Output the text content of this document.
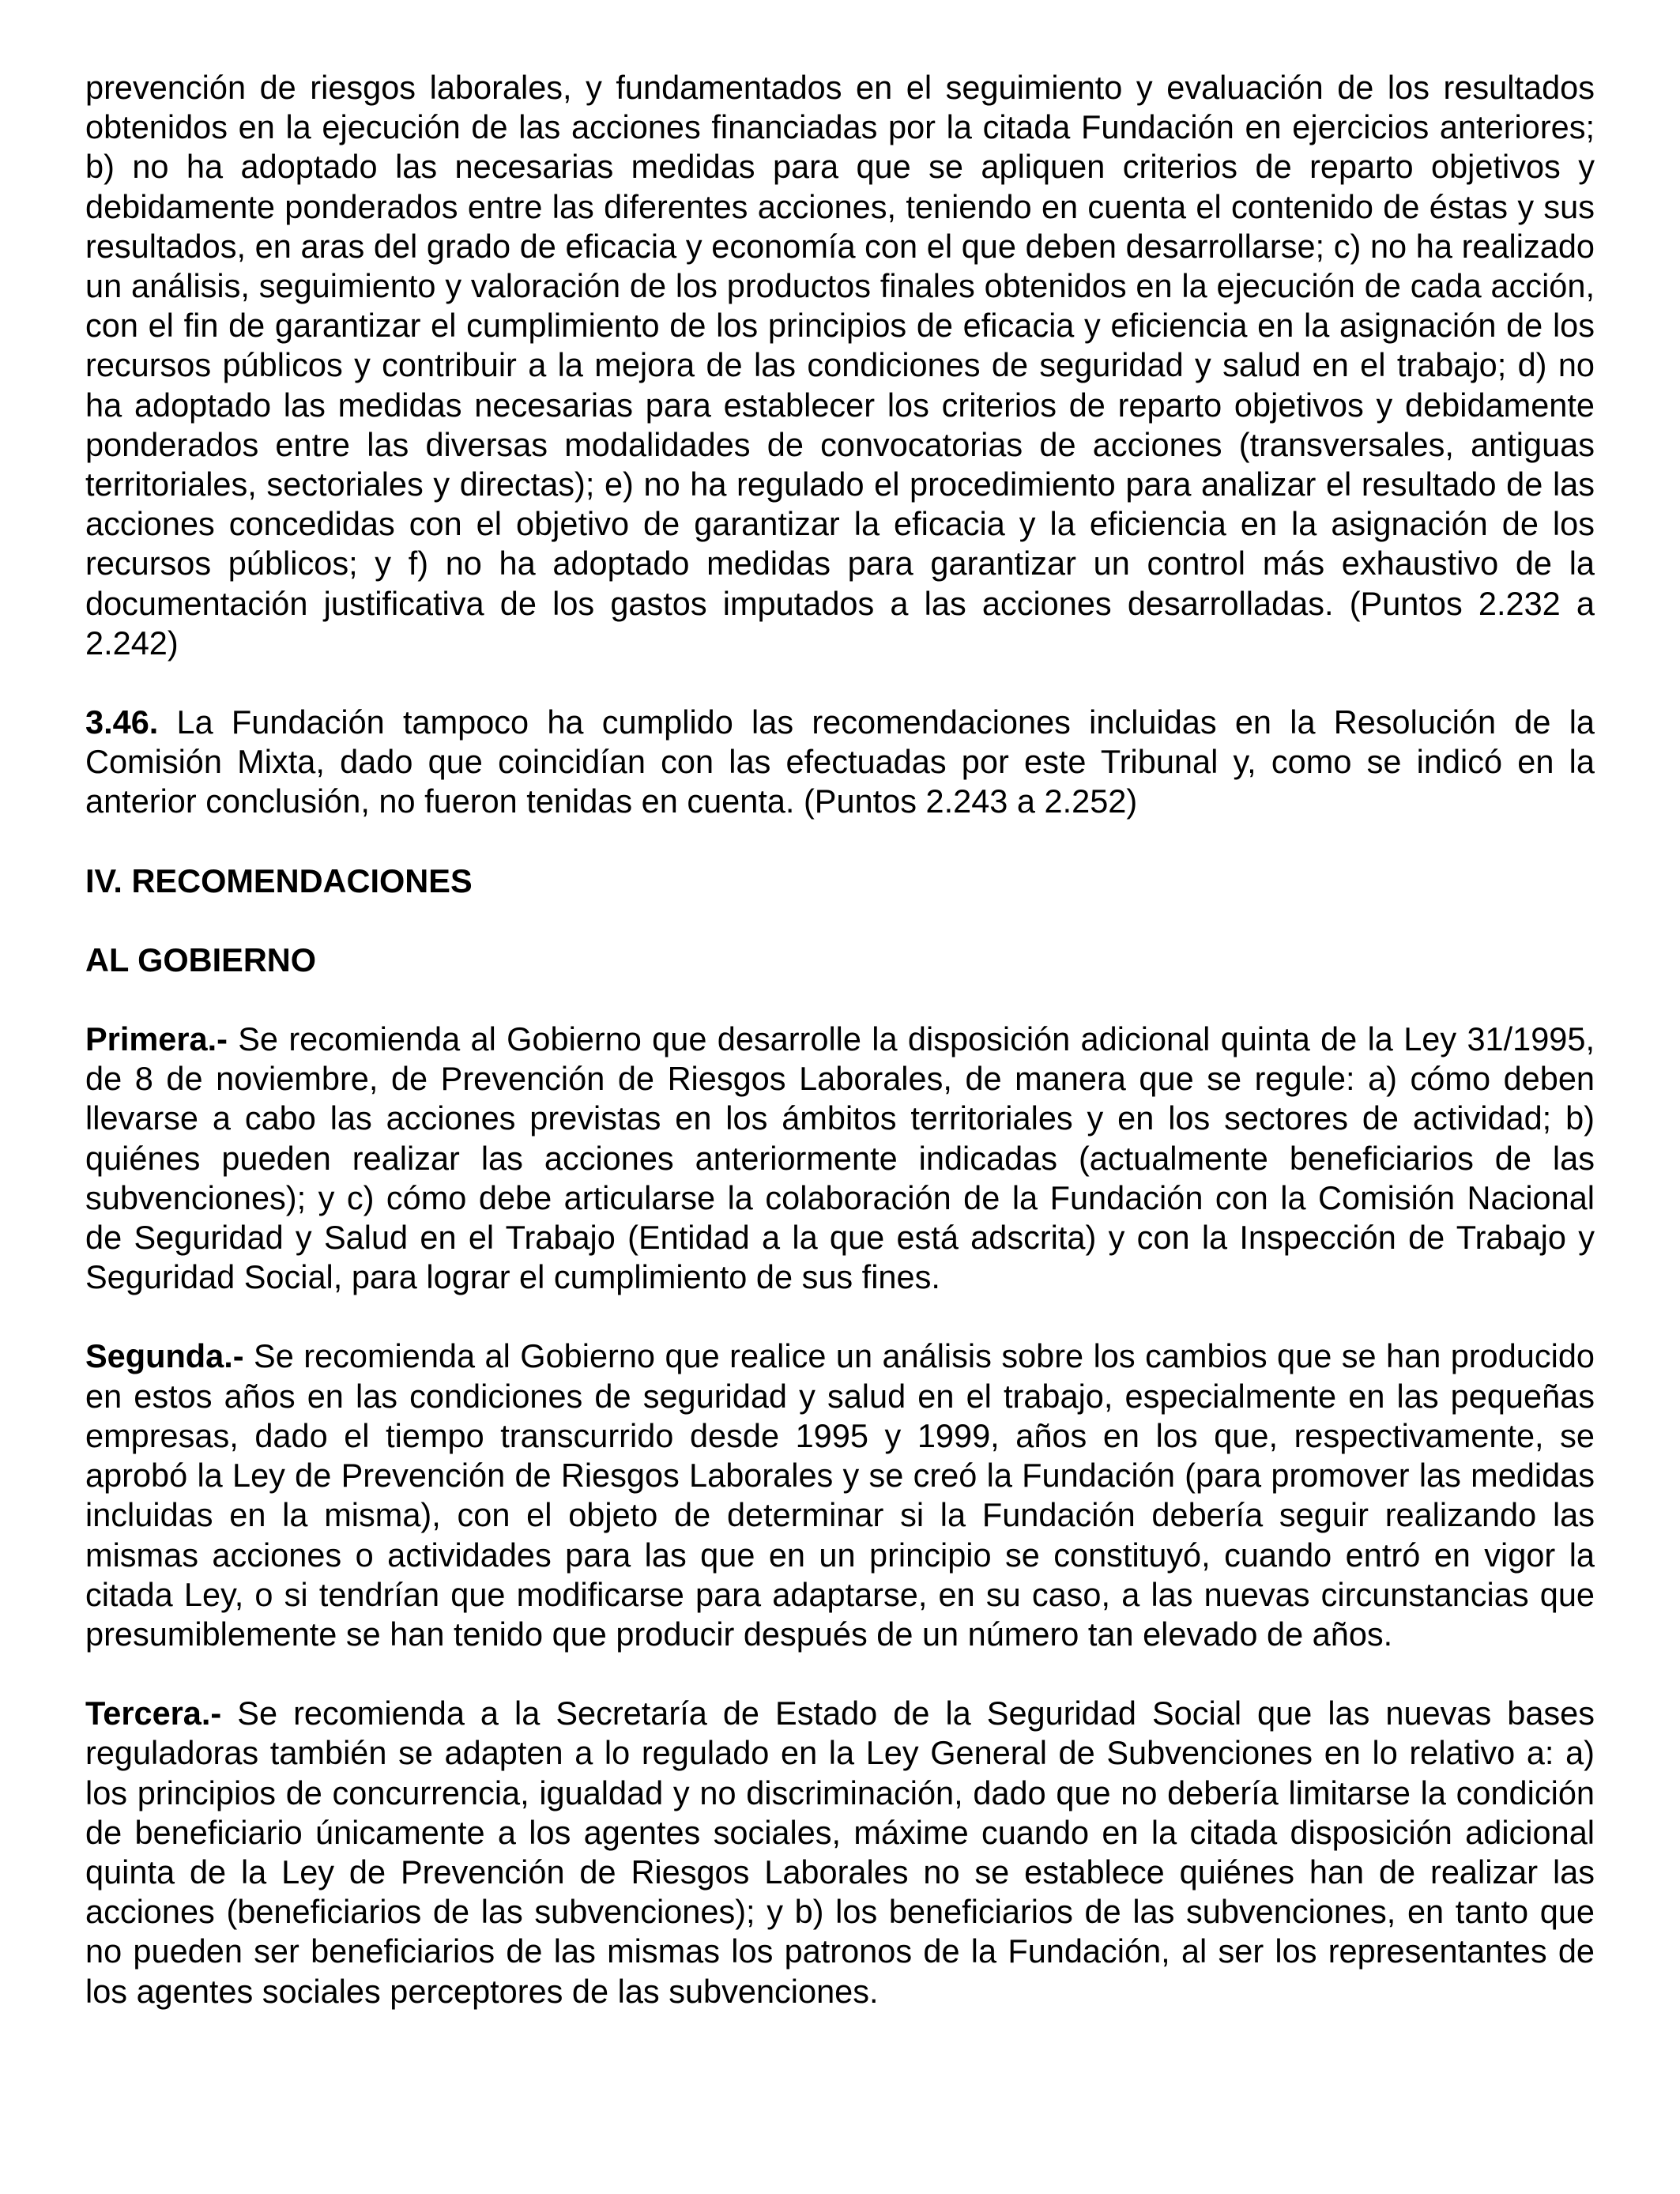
prevención de riesgos laborales, y fundamentados en el seguimiento y evaluación de los resultados obtenidos en la ejecución de las acciones financiadas por la citada Fundación en ejercicios anteriores; b) no ha adoptado las necesarias medidas para que se apliquen criterios de reparto objetivos y debidamente ponderados entre las diferentes acciones, teniendo en cuenta el contenido de éstas y sus resultados, en aras del grado de eficacia y economía con el que deben desarrollarse; c) no ha realizado un análisis, seguimiento y valoración de los productos finales obtenidos en la ejecución de cada acción, con el fin de garantizar el cumplimiento de los principios de eficacia y eficiencia en la asignación de los recursos públicos y contribuir a la mejora de las condiciones de seguridad y salud en el trabajo; d) no ha adoptado las medidas necesarias para establecer los criterios de reparto objetivos y debidamente ponderados entre las diversas modalidades de convocatorias de acciones (transversales, antiguas territoriales, sectoriales y directas); e) no ha regulado el procedimiento para analizar el resultado de las acciones concedidas con el objetivo de garantizar la eficacia y la eficiencia en la asignación de los recursos públicos; y f) no ha adoptado medidas para garantizar un control más exhaustivo de la documentación justificativa de los gastos imputados a las acciones desarrolladas. (Puntos 2.232 a 2.242)

3.46. La Fundación tampoco ha cumplido las recomendaciones incluidas en la Resolución de la Comisión Mixta, dado que coincidían con las efectuadas por este Tribunal y, como se indicó en la anterior conclusión, no fueron tenidas en cuenta. (Puntos 2.243 a 2.252)

IV. RECOMENDACIONES
AL GOBIERNO

Primera.- Se recomienda al Gobierno que desarrolle la disposición adicional quinta de la Ley 31/1995, de 8 de noviembre, de Prevención de Riesgos Laborales, de manera que se regule: a) cómo deben llevarse a cabo las acciones previstas en los ámbitos territoriales y en los sectores de actividad; b) quiénes pueden realizar las acciones anteriormente indicadas (actualmente beneficiarios de las subvenciones); y c) cómo debe articularse la colaboración de la Fundación con la Comisión Nacional de Seguridad y Salud en el Trabajo (Entidad a la que está adscrita) y con la Inspección de Trabajo y Seguridad Social, para lograr el cumplimiento de sus fines.

Segunda.- Se recomienda al Gobierno que realice un análisis sobre los cambios que se han producido en estos años en las condiciones de seguridad y salud en el trabajo, especialmente en las pequeñas empresas, dado el tiempo transcurrido desde 1995 y 1999, años en los que, respectivamente, se aprobó la Ley de Prevención de Riesgos Laborales y se creó la Fundación (para promover las medidas incluidas en la misma), con el objeto de determinar si la Fundación debería seguir realizando las mismas acciones o actividades para las que en un principio se constituyó, cuando entró en vigor la citada Ley, o si tendrían que modificarse para adaptarse, en su caso, a las nuevas circunstancias que presumiblemente se han tenido que producir después de un número tan elevado de años.

Tercera.- Se recomienda a la Secretaría de Estado de la Seguridad Social que las nuevas bases reguladoras también se adapten a lo regulado en la Ley General de Subvenciones en lo relativo a: a) los principios de concurrencia, igualdad y no discriminación, dado que no debería limitarse la condición de beneficiario únicamente a los agentes sociales, máxime cuando en la citada disposición adicional quinta de la Ley de Prevención de Riesgos Laborales no se establece quiénes han de realizar las acciones (beneficiarios de las subvenciones); y b) los beneficiarios de las subvenciones, en tanto que no pueden ser beneficiarios de las mismas los patronos de la Fundación, al ser los representantes de los agentes sociales perceptores de las subvenciones.
